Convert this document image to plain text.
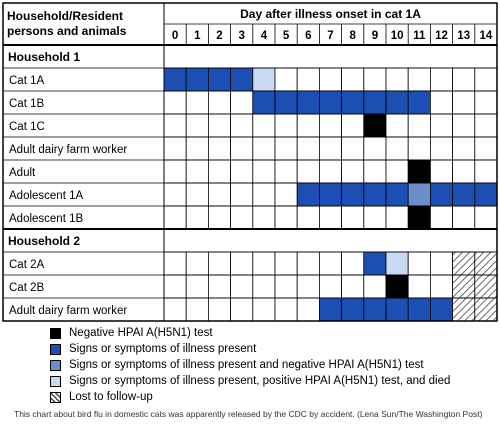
Day after illness onset in cat 1A
Household/Resident persons and animals	0 1 2 3 4 5 6 7 8 9 10 11 12 13 14
Household 1
Cat 1A
Cat 1B
Cat 1C
Adult dairy farm worker
Adult
Adolescent 1A
Adolescent 1B
Household 2
Cat 2A
Cat 2B
Adult dairy farm worker
Negative HPAI A(H5N1) test
Signs or symptoms of illness present
Signs or symptoms of illness present and negative HPAI A(H5N1) test
Signs or symptoms of illness present, positive HPAI A(H5N1) test, and died
Lost to follow-up
This chart about bird flu in domestic cats was apparently released by the CDC by accident. (Lena Sun/The Washington Post)
